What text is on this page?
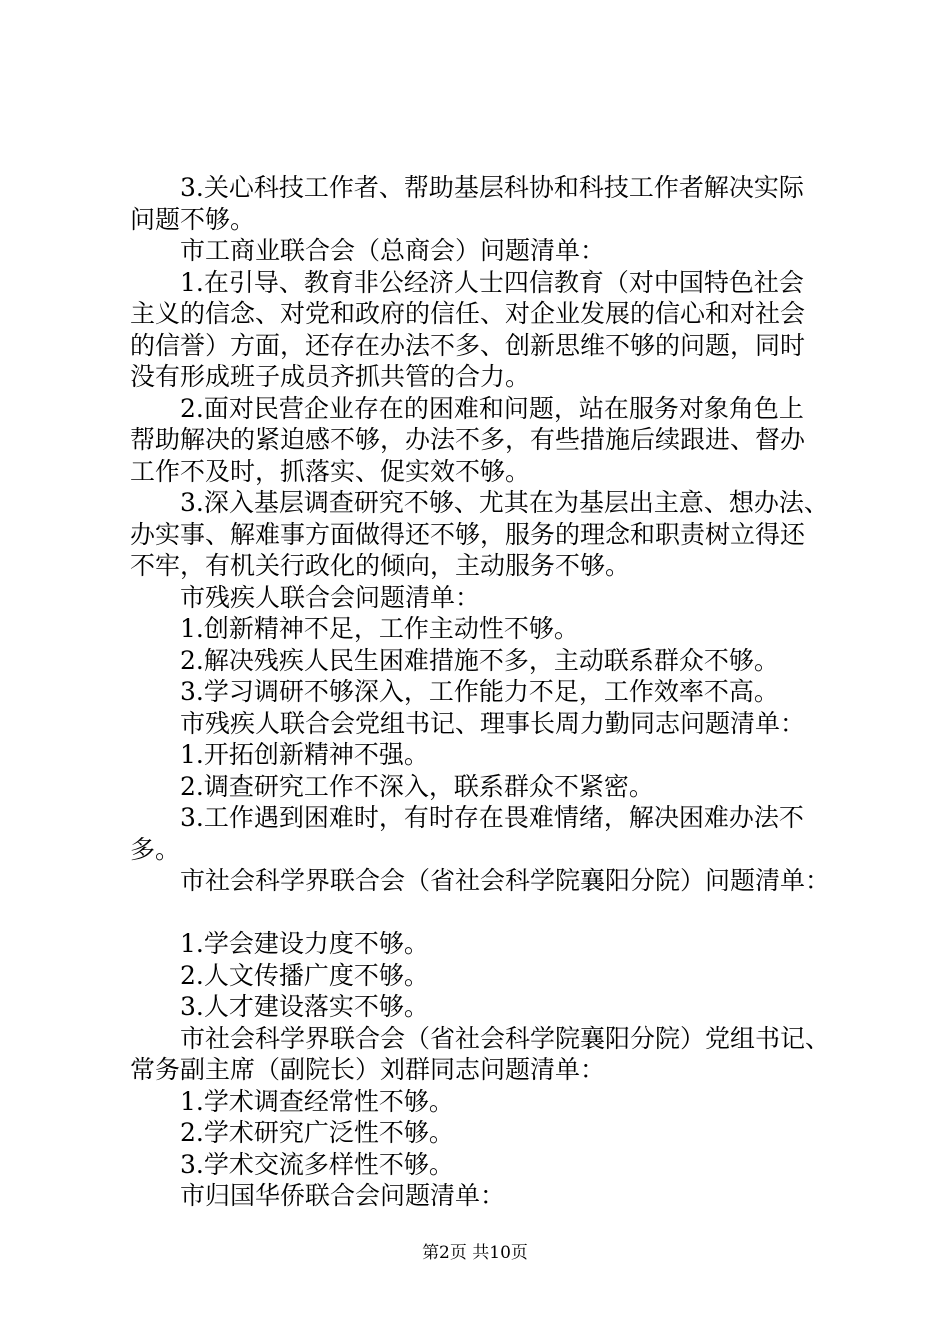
3.关心科技工作者、帮助基层科协和科技工作者解决实际
问题不够。
市工商业联合会（总商会）问题清单：
1.在引导、教育非公经济人士四信教育（对中国特色社会
主义的信念、对党和政府的信任、对企业发展的信心和对社会
的信誉）方面，还存在办法不多、创新思维不够的问题，同时
没有形成班子成员齐抓共管的合力。
2.面对民营企业存在的困难和问题，站在服务对象角色上
帮助解决的紧迫感不够，办法不多，有些措施后续跟进、督办
工作不及时，抓落实、促实效不够。
3.深入基层调查研究不够、尤其在为基层出主意、想办法、
办实事、解难事方面做得还不够，服务的理念和职责树立得还
不牢，有机关行政化的倾向，主动服务不够。
市残疾人联合会问题清单：
1.创新精神不足，工作主动性不够。
2.解决残疾人民生困难措施不多，主动联系群众不够。
3.学习调研不够深入，工作能力不足，工作效率不高。
市残疾人联合会党组书记、理事长周力勤同志问题清单：
1.开拓创新精神不强。
2.调查研究工作不深入，联系群众不紧密。
3.工作遇到困难时，有时存在畏难情绪，解决困难办法不
多。
市社会科学界联合会（省社会科学院襄阳分院）问题清单：
1.学会建设力度不够。
2.人文传播广度不够。
3.人才建设落实不够。
市社会科学界联合会（省社会科学院襄阳分院）党组书记、
常务副主席（副院长）刘群同志问题清单：
1.学术调查经常性不够。
2.学术研究广泛性不够。
3.学术交流多样性不够。
市归国华侨联合会问题清单：
第2页 共10页
